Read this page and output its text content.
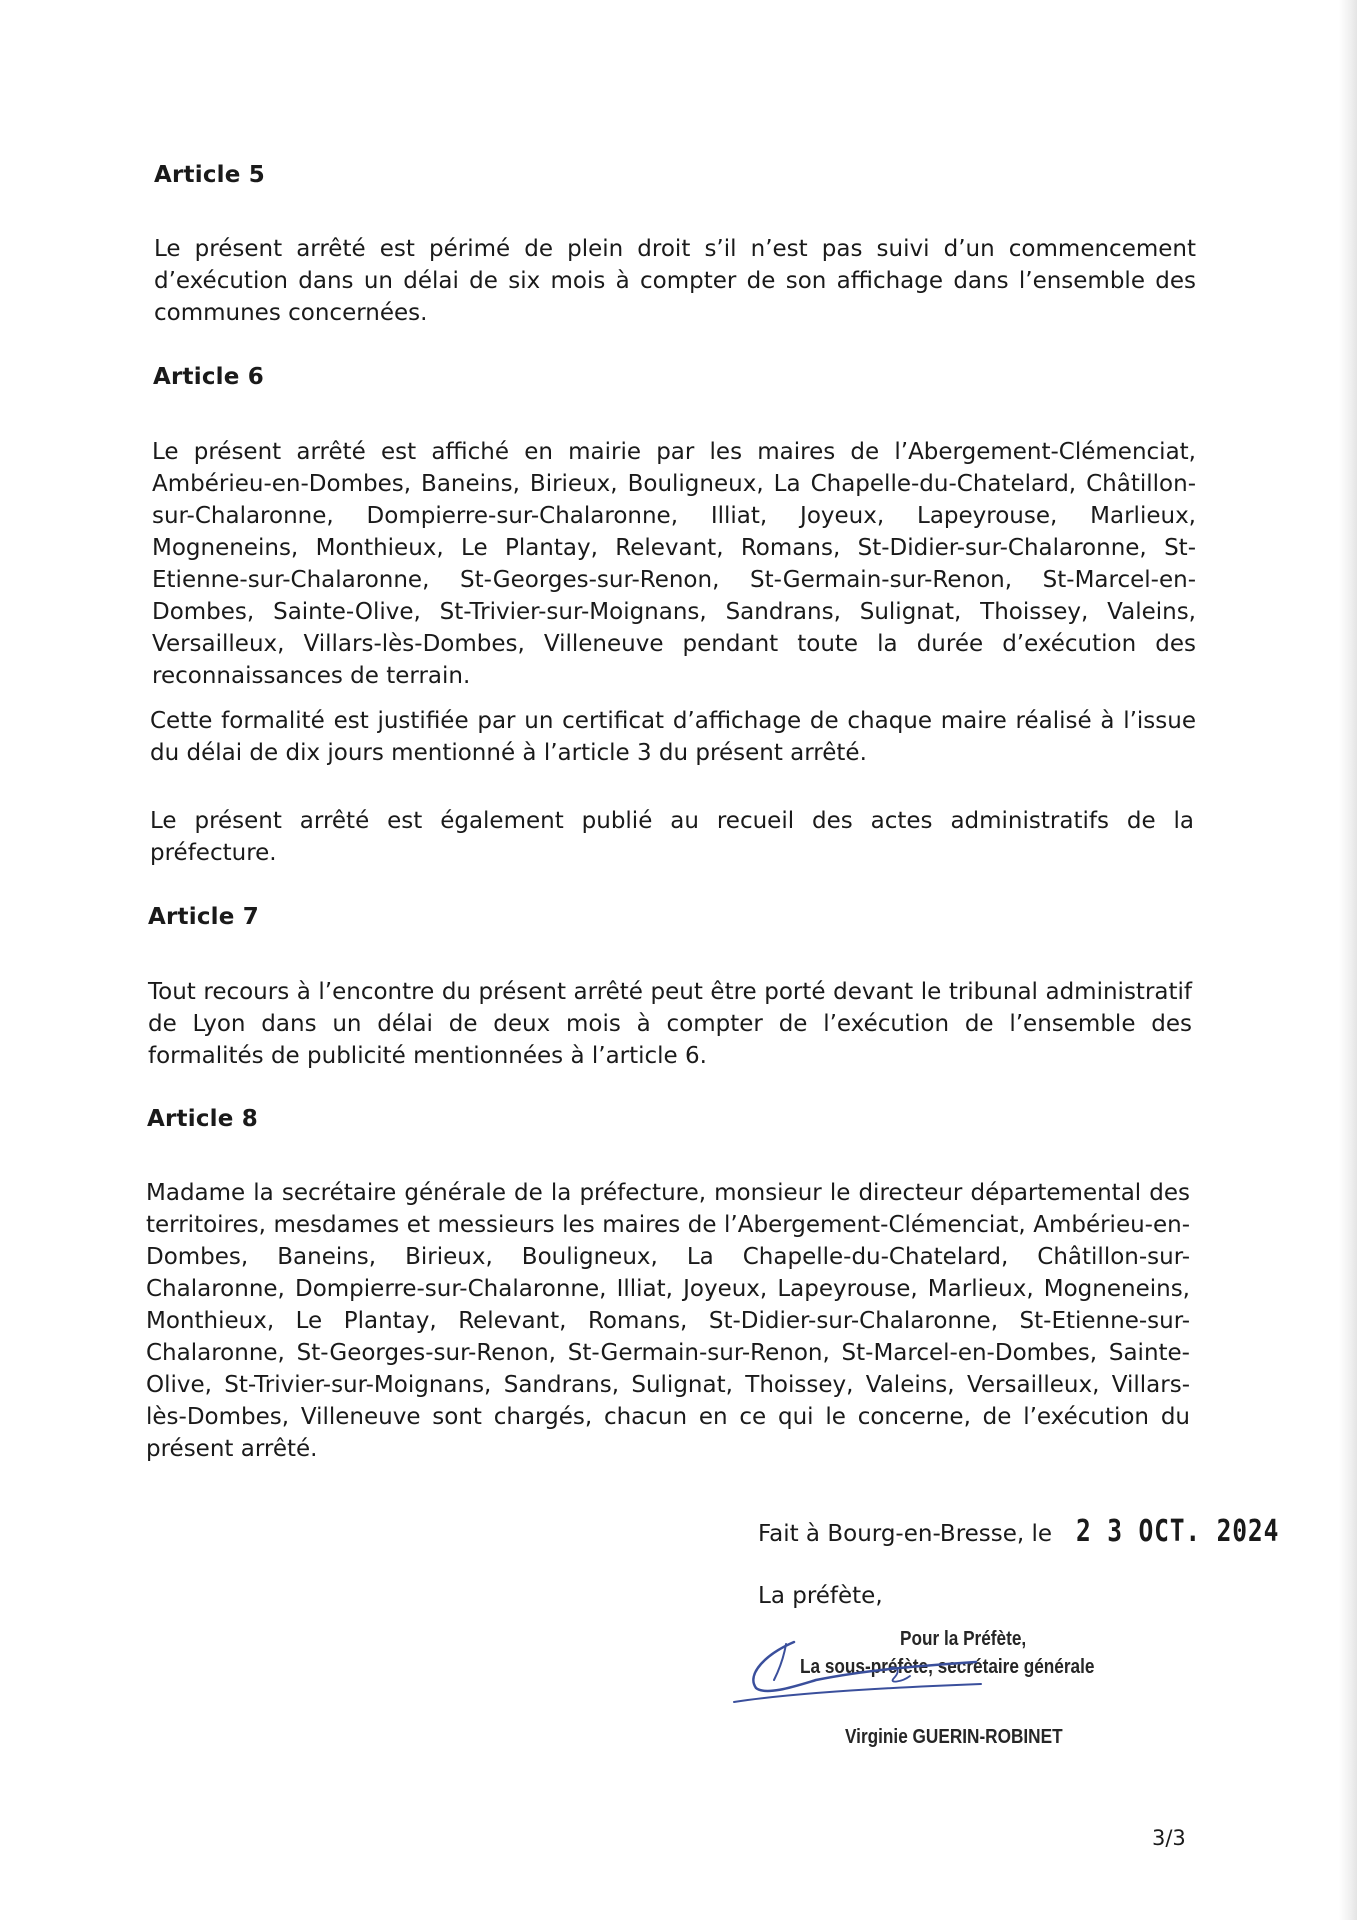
Article 5

Le présent arrêté est périmé de plein droit s’il n’est pas suivi d’un commencement d’exécution dans un délai de six mois à compter de son affichage dans l’ensemble des communes concernées.

Article 6

Le présent arrêté est affiché en mairie par les maires de l’Abergement-Clémenciat, Ambérieu-en-Dombes, Baneins, Birieux, Bouligneux, La Chapelle-du-Chatelard, Châtillon-sur-Chalaronne, Dompierre-sur-Chalaronne, Illiat, Joyeux, Lapeyrouse, Marlieux, Mogneneins, Monthieux, Le Plantay, Relevant, Romans, St-Didier-sur-Chalaronne, St-Etienne-sur-Chalaronne, St-Georges-sur-Renon, St-Germain-sur-Renon, St-Marcel-en-Dombes, Sainte-Olive, St-Trivier-sur-Moignans, Sandrans, Sulignat, Thoissey, Valeins, Versailleux, Villars-lès-Dombes, Villeneuve pendant toute la durée d’exécution des reconnaissances de terrain.

Cette formalité est justifiée par un certificat d’affichage de chaque maire réalisé à l’issue du délai de dix jours mentionné à l’article 3 du présent arrêté.

Le présent arrêté est également publié au recueil des actes administratifs de la préfecture.

Article 7

Tout recours à l’encontre du présent arrêté peut être porté devant le tribunal administratif de Lyon dans un délai de deux mois à compter de l’exécution de l’ensemble des formalités de publicité mentionnées à l’article 6.

Article 8

Madame la secrétaire générale de la préfecture, monsieur le directeur départemental des territoires, mesdames et messieurs les maires de l’Abergement-Clémenciat, Ambérieu-en-Dombes, Baneins, Birieux, Bouligneux, La Chapelle-du-Chatelard, Châtillon-sur-Chalaronne, Dompierre-sur-Chalaronne, Illiat, Joyeux, Lapeyrouse, Marlieux, Mogneneins, Monthieux, Le Plantay, Relevant, Romans, St-Didier-sur-Chalaronne, St-Etienne-sur-Chalaronne, St-Georges-sur-Renon, St-Germain-sur-Renon, St-Marcel-en-Dombes, Sainte-Olive, St-Trivier-sur-Moignans, Sandrans, Sulignat, Thoissey, Valeins, Versailleux, Villars-lès-Dombes, Villeneuve sont chargés, chacun en ce qui le concerne, de l’exécution du présent arrêté.

Fait à Bourg-en-Bresse, le 2 3 OCT. 2024
La préfète,
Pour la Préfète,
La sous-préfète, secrétaire générale
Virginie GUERIN-ROBINET
3/3
